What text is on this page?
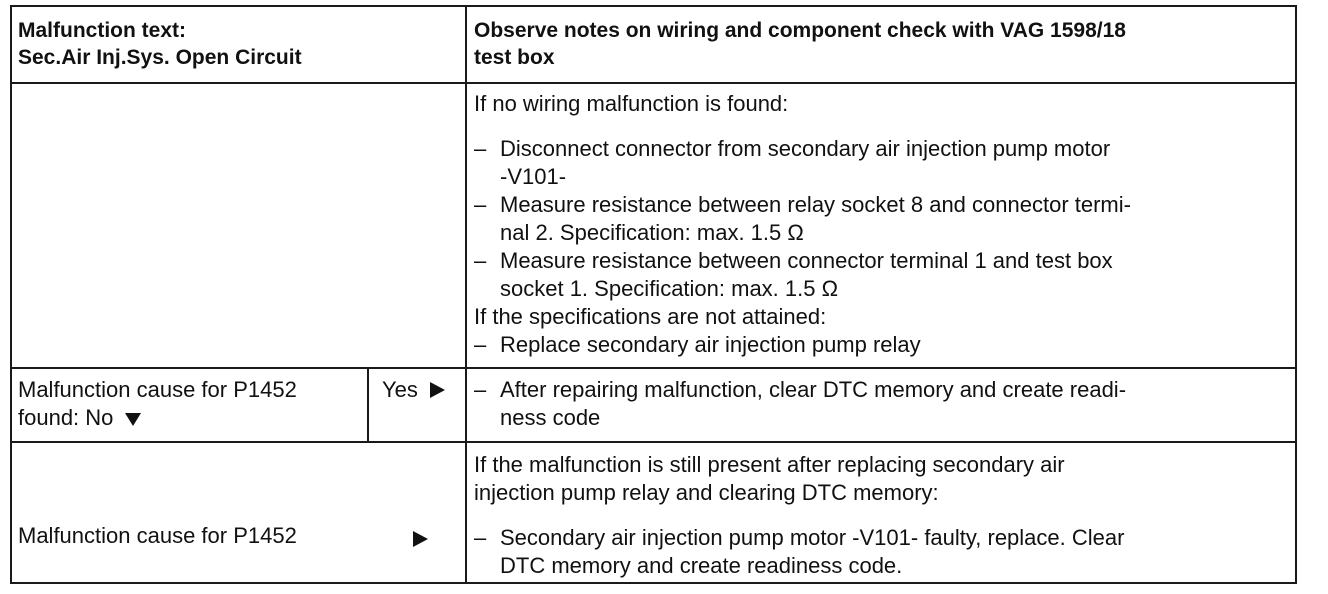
Malfunction text:
Sec.Air Inj.Sys. Open Circuit
Observe notes on wiring and component check with VAG 1598/18
test box
If no wiring malfunction is found:
– Disconnect connector from secondary air injection pump motor
-V101-
– Measure resistance between relay socket 8 and connector termi-
nal 2. Specification: max. 1.5 Ω
– Measure resistance between connector terminal 1 and test box
socket 1. Specification: max. 1.5 Ω
If the specifications are not attained:
– Replace secondary air injection pump relay
Malfunction cause for P1452
found: No
Yes	– After repairing malfunction, clear DTC memory and create readi-
ness code
Malfunction cause for P1452
If the malfunction is still present after replacing secondary air
injection pump relay and clearing DTC memory:
– Secondary air injection pump motor -V101- faulty, replace. Clear
DTC memory and create readiness code.
